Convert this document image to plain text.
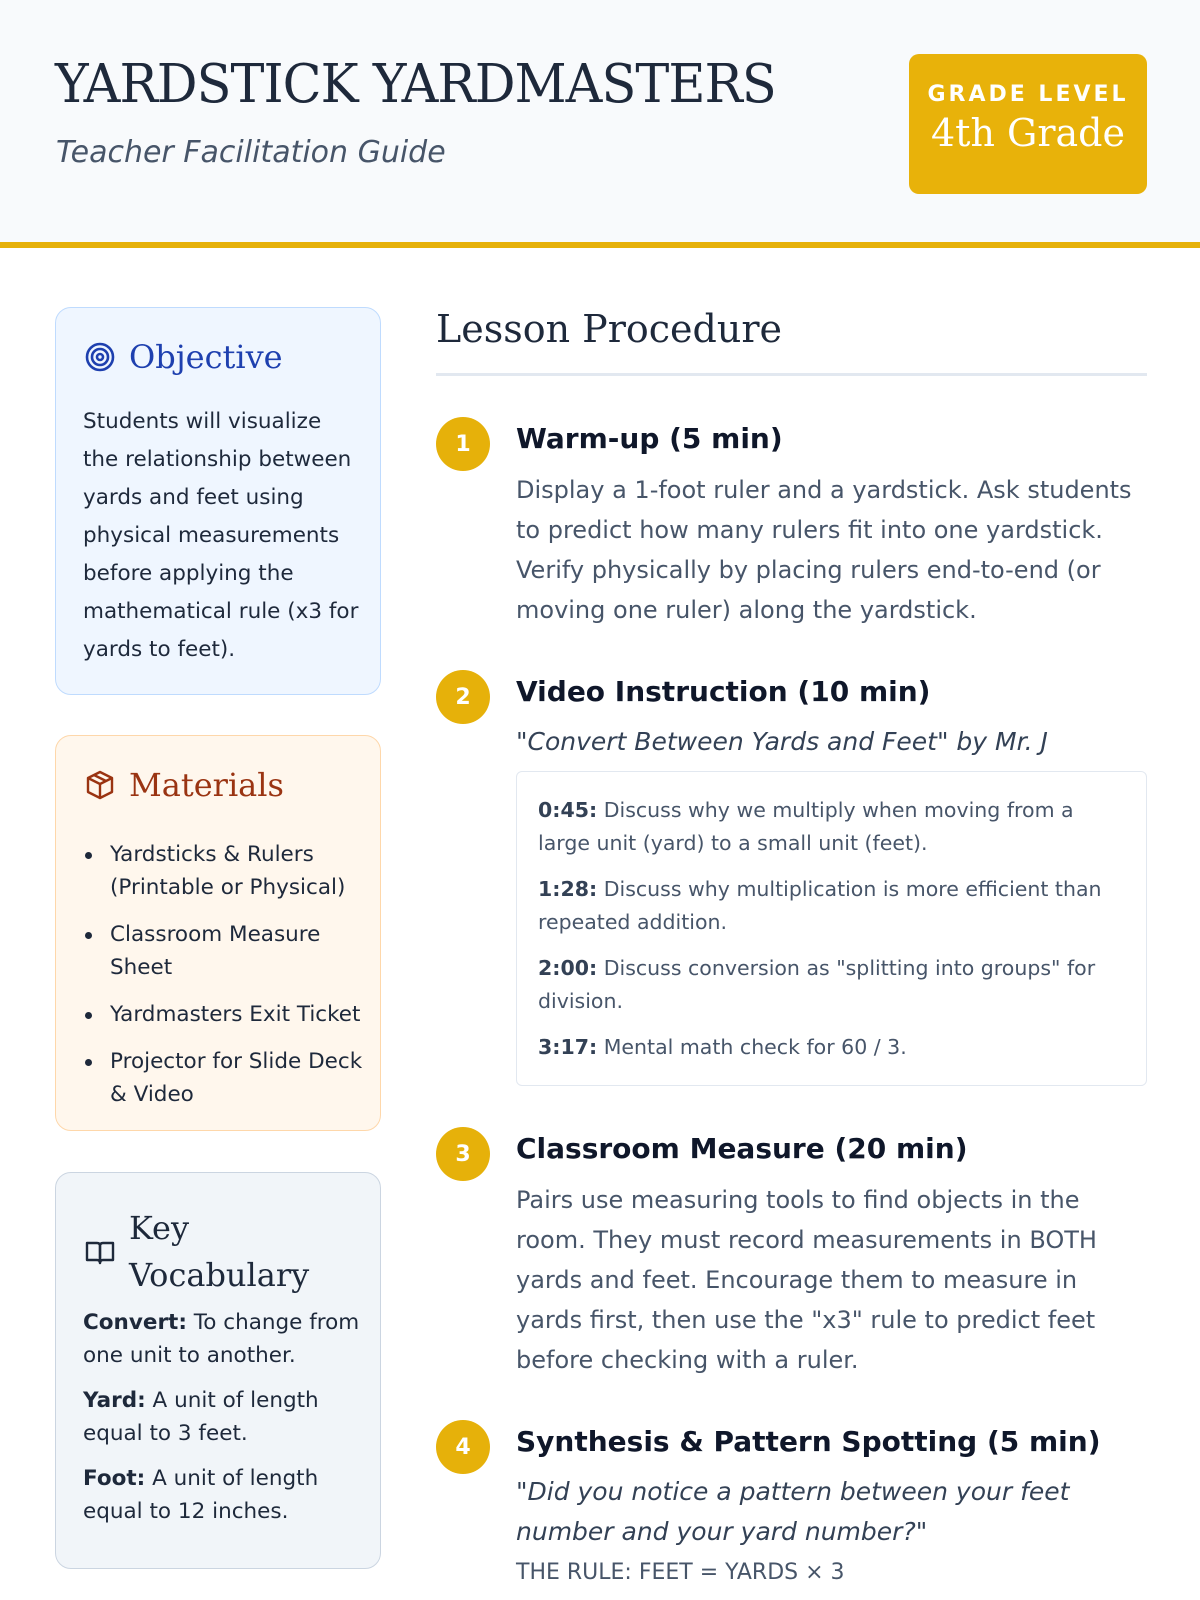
YARDSTICK YARDMASTERS
Teacher Facilitation Guide
GRADE LEVEL
4th Grade
Objective
Students will visualize the relationship between yards and feet using physical measurements before applying the mathematical rule (x3 for yards to feet).
Materials
Yardsticks & Rulers (Printable or Physical)
Classroom Measure Sheet
Yardmasters Exit Ticket
Projector for Slide Deck & Video
Key
Vocabulary
Convert: To change from one unit to another.
Yard: A unit of length equal to 3 feet.
Foot: A unit of length equal to 12 inches.
Lesson Procedure
1	Warm-up (5 min)
Display a 1-foot ruler and a yardstick. Ask students to predict how many rulers fit into one yardstick. Verify physically by placing rulers end-to-end (or moving one ruler) along the yardstick.
2	Video Instruction (10 min)
"Convert Between Yards and Feet" by Mr. J
0:45: Discuss why we multiply when moving from a large unit (yard) to a small unit (feet).
1:28: Discuss why multiplication is more efficient than repeated addition.
2:00: Discuss conversion as "splitting into groups" for division.
3:17: Mental math check for 60 / 3.
3	Classroom Measure (20 min)
Pairs use measuring tools to find objects in the room. They must record measurements in BOTH yards and feet. Encourage them to measure in yards first, then use the "x3" rule to predict feet before checking with a ruler.
4	Synthesis & Pattern Spotting (5 min)
"Did you notice a pattern between your feet number and your yard number?"
THE RULE: FEET = YARDS × 3
